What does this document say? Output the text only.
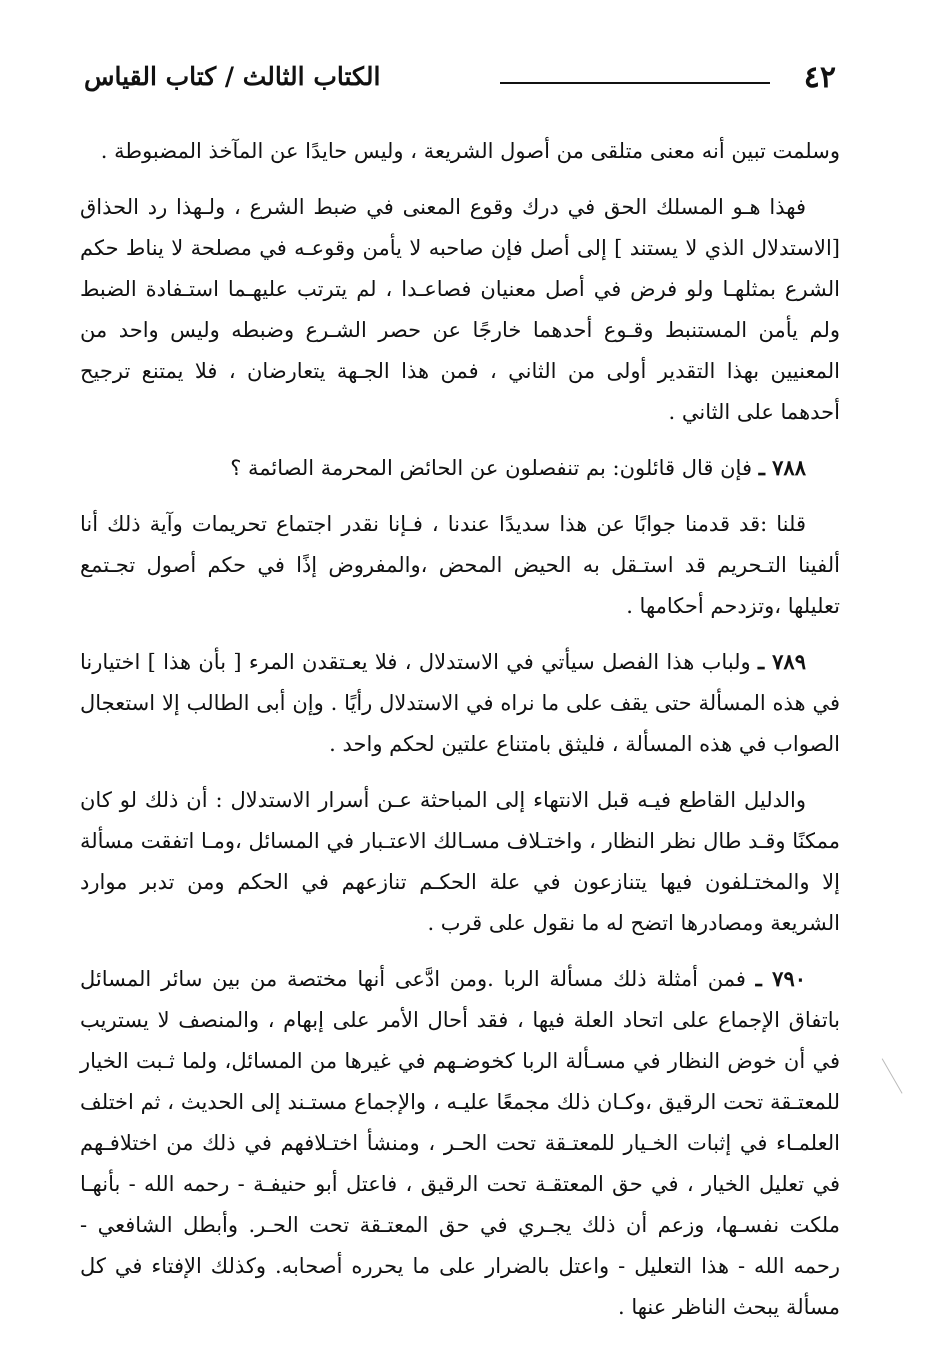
٤٢
الكتاب الثالث / كتاب القياس

وسلمت تبين أنه معنى متلقى من أصول الشريعة ، وليس حايدًا عن المآخذ المضبوطة .

فهذا هـو المسلك الحق في درك وقوع المعنى في ضبط الشرع ، ولـهذا رد الحذاق [الاستدلال الذي لا يستند ] إلى أصل فإن صاحبه لا يأمن وقوعـه في مصلحة لا يناط حكم الشرع بمثلهـا ولو فرض في أصل معنيان فصاعـدا ، لم يترتب عليهـما استـفادة الضبط ولم يأمن المستنبط وقـوع أحدهما خارجًا عن حصر الشـرع وضبطه وليس واحد من المعنيين بهذا التقدير أولى من الثاني ، فمن هذا الجـهة يتعارضان ، فلا يمتنع ترجيح أحدهما على الثاني .

٧٨٨ ـ فإن قال قائلون: بم تنفصلون عن الحائض المحرمة الصائمة ؟

قلنا :قد قدمنا جوابًا عن هذا سديدًا عندنا ، فـإنا نقدر اجتماع تحريمات وآية ذلك أنا ألفينا التـحريم قد استـقل به الحيض المحض ،والمفروض إذًا في حكم أصول تجـتمع تعليلها ،وتزدحم أحكامها .

٧٨٩ ـ ولباب هذا الفصل سيأتي في الاستدلال ، فلا يعـتقدن المرء [ بأن هذا ] اختيارنا في هذه المسألة حتى يقف على ما نراه في الاستدلال رأيًا . وإن أبى الطالب إلا استعجال الصواب في هذه المسألة ، فليثق بامتناع علتين لحكم واحد .

والدليل القاطع فيـه قبل الانتهاء إلى المباحثة عـن أسرار الاستدلال : أن ذلك لو كان ممكنًا وقـد طال نظر النظار ، واختـلاف مسـالك الاعتـبار في المسائل ،ومـا اتفقت مسألة إلا والمختـلفون فيها يتنازعون في علة الحكـم تنازعهم في الحكم ومن تدبر موارد الشريعة ومصادرها اتضح له ما نقول على قرب .

٧٩٠ ـ فمن أمثلة ذلك مسألة الربا .ومن ادَّعى أنها مختصة من بين سائر المسائل باتفاق الإجماع على اتحاد العلة فيها ، فقد أحال الأمر على إبهام ، والمنصف لا يستريب في أن خوض النظار في مسـألة الربا كخوضـهم في غيرها من المسائل، ولما ثـبت الخيار للمعتـقة تحت الرقيق ،وكـان ذلك مجمعًا عليـه ، والإجماع مستـند إلى الحديث ، ثم اختلف العلمـاء في إثبات الخـيار للمعتـقة تحت الحـر ، ومنشأ اختـلافهم في ذلك من اختلافـهم في تعليل الخيار ، في حق المعتقـة تحت الرقيق ، فاعتل أبو حنيفـة - رحمه الله - بأنهـا ملكت نفسـها، وزعم أن ذلك يجـري في حق المعتـقة تحت الحـر. وأبطل الشافعي - رحمه الله - هذا التعليل - واعتل بالضرار على ما يحرره أصحابه. وكذلك الإفتاء في كل مسألة يبحث الناظر عنها .
